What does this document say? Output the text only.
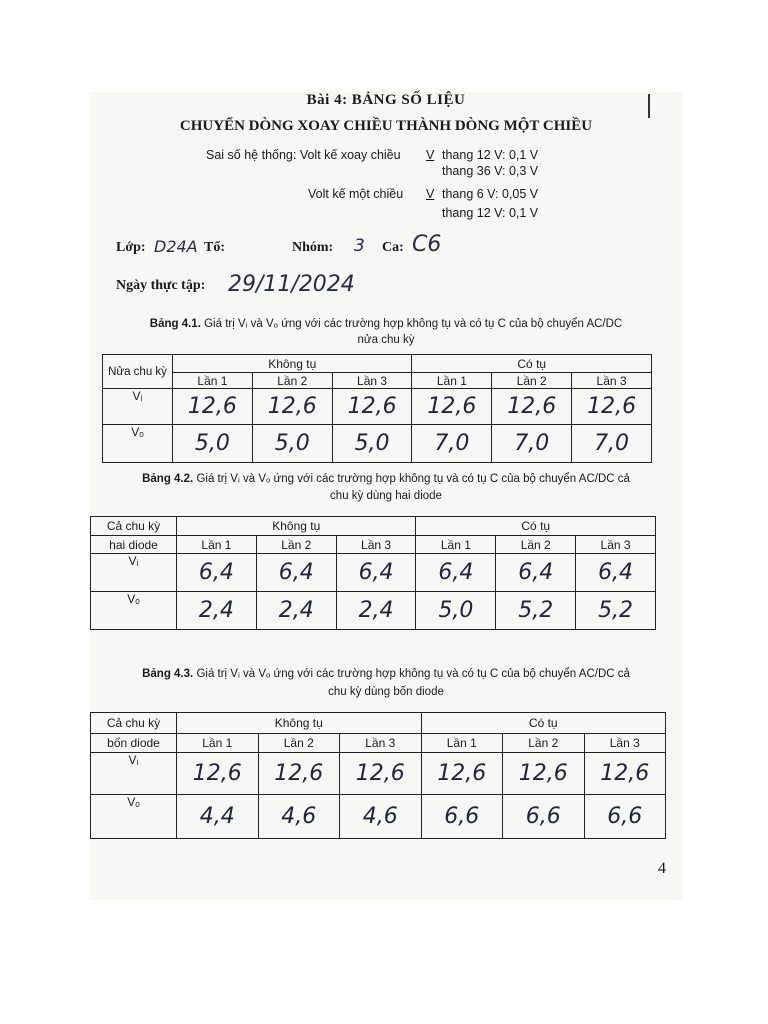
Bài 4: BẢNG SỐ LIỆU
CHUYỂN DÒNG XOAY CHIỀU THÀNH DÒNG MỘT CHIỀU
Sai số hệ thống: Volt kế xoay chiều V thang 12 V: 0,1 V
thang 36 V: 0,3 V
Volt kế một chiều V thang 6 V: 0,05 V
thang 12 V: 0,1 V
Lớp: D24A Tổ:	Nhóm: 3 Ca: C6
Ngày thực tập: 29/11/2024
Bảng 4.1. Giá trị Vᵢ và Vₒ ứng với các trường hợp không tụ và có tụ C của bộ chuyển AC/DC
nửa chu kỳ
Nửa chu kỳ	Không tụ			Có tụ		
	Lần 1	Lần 2	Lần 3	Lần 1	Lần 2	Lần 3
Vᵢ	12,6	12,6	12,6	12,6	12,6	12,6
Vₒ	5,0	5,0	5,0	7,0	7,0	7,0
Bảng 4.2. Giá trị Vᵢ và Vₒ ứng với các trường hợp không tụ và có tụ C của bộ chuyển AC/DC cả
chu kỳ dùng hai diode
Cả chu kỳ	Không tụ			Có tụ		
hai diode	Lần 1	Lần 2	Lần 3	Lần 1	Lần 2	Lần 3
Vᵢ	6,4	6,4	6,4	6,4	6,4	6,4
Vₒ	2,4	2,4	2,4	5,0	5,2	5,2
Bảng 4.3. Giá trị Vᵢ và Vₒ ứng với các trường hợp không tụ và có tụ C của bộ chuyển AC/DC cả
chu kỳ dùng bốn diode
Cả chu kỳ	Không tụ			Có tụ		
bốn diode	Lần 1	Lần 2	Lần 3	Lần 1	Lần 2	Lần 3
Vᵢ	12,6	12,6	12,6	12,6	12,6	12,6
Vₒ	4,4	4,6	4,6	6,6	6,6	6,6
4
